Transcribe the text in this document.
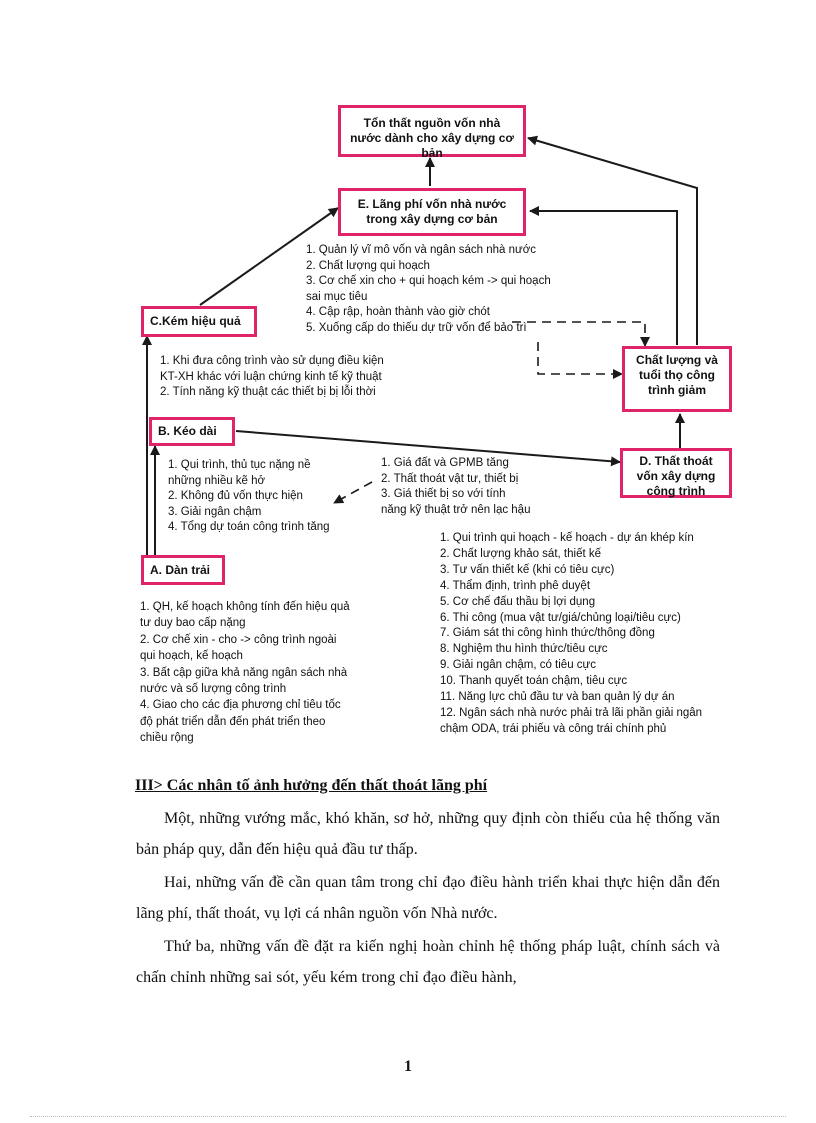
Tổn thất nguồn vốn nhà nước dành cho xây dựng cơ bản
E. Lãng phí vốn nhà nước trong xây dựng cơ bản
C.Kém hiệu quả
Chất lượng và tuổi thọ công trình giảm
B. Kéo dài
D. Thất thoát vốn xây dựng công trình
A. Dàn trải
1. Quản lý vĩ mô vốn và ngân sách nhà nước
2. Chất lượng qui hoạch
3. Cơ chế xin cho + qui hoạch kém -> qui hoạch
sai mục tiêu
4. Cập rập, hoàn thành vào giờ chót
5. Xuống cấp do thiếu dự trữ vốn để bảo trì
1. Khi đưa công trình vào sử dụng điều kiện
KT-XH khác với luận chứng kinh tế kỹ thuật
2. Tính năng kỹ thuật các thiết bị bị lỗi thời
1. Qui trình, thủ tục nặng nề
những nhiều kẽ hở
2. Không đủ vốn thực hiện
3. Giải ngân chậm
4. Tổng dự toán công trình tăng
1. Giá đất và GPMB tăng
2. Thất thoát vật tư, thiết bị
3. Giá thiết bị so với tính
năng kỹ thuật trở nên lạc hậu
1. Qui trình qui hoạch - kế hoạch - dự án khép kín
2. Chất lượng khảo sát, thiết kế
3. Tư vấn thiết kế (khi có tiêu cực)
4. Thẩm định, trình phê duyệt
5. Cơ chế đấu thầu bị lợi dụng
6. Thi công (mua vật tư/giá/chủng loại/tiêu cực)
7. Giám sát thi công hình thức/thông đồng
8. Nghiệm thu hình thức/tiêu cực
9. Giải ngân chậm, có tiêu cực
10. Thanh quyết toán chậm, tiêu cực
11. Năng lực chủ đầu tư và ban quản lý dự án
12. Ngân sách nhà nước phải trả lãi phần giải ngân
chậm ODA, trái phiếu và công trái chính phủ
1. QH, kế hoạch không tính đến hiệu quả
tư duy bao cấp nặng
2. Cơ chế xin - cho -> công trình ngoài
qui hoạch, kế hoạch
3. Bất cập giữa khả năng ngân sách nhà
nước và số lượng công trình
4. Giao cho các địa phương chỉ tiêu tốc
độ phát triển dẫn đến phát triển theo
chiều rộng
III> Các nhân tố ảnh hưởng đến thất thoát lãng phí
Một, những vướng mắc, khó khăn, sơ hở, những quy định còn thiếu của hệ thống văn bản pháp quy, dẫn đến hiệu quả đầu tư thấp.
Hai, những vấn đề cần quan tâm trong chỉ đạo điều hành triển khai thực hiện dẫn đến lãng phí, thất thoát, vụ lợi cá nhân nguồn vốn Nhà nước.
Thứ ba, những vấn đề đặt ra kiến nghị hoàn chỉnh hệ thống pháp luật, chính sách và chấn chỉnh những sai sót, yếu kém trong chỉ đạo điều hành,
1
